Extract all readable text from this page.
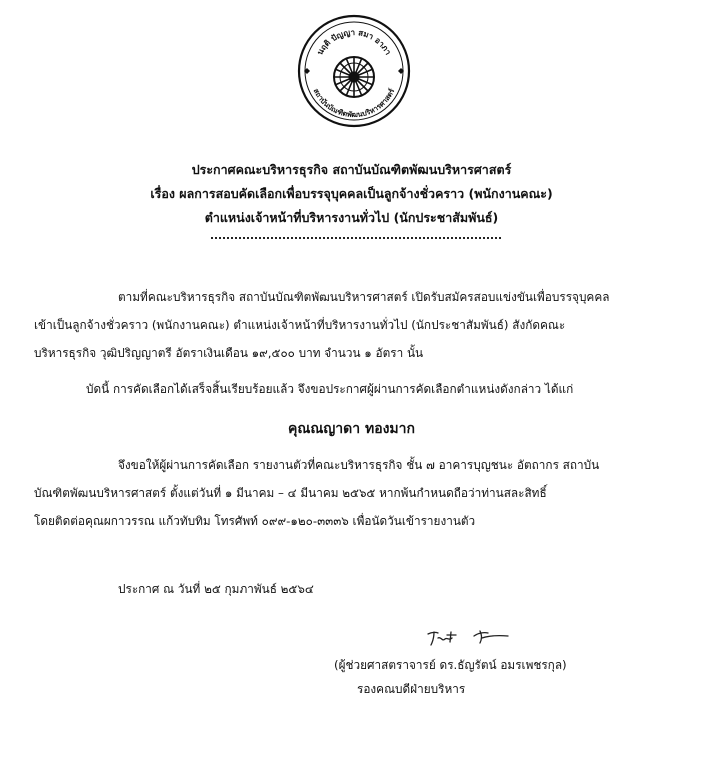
นฤติ ปัญญา สมา อาภา
สถาบันบัณฑิตพัฒนบริหารศาสตร์
ประกาศคณะบริหารธุรกิจ สถาบันบัณฑิตพัฒนบริหารศาสตร์
เรื่อง ผลการสอบคัดเลือกเพื่อบรรจุบุคคลเป็นลูกจ้างชั่วคราว (พนักงานคณะ)
ตำแหน่งเจ้าหน้าที่บริหารงานทั่วไป (นักประชาสัมพันธ์)
ตามที่คณะบริหารธุรกิจ สถาบันบัณฑิตพัฒนบริหารศาสตร์ เปิดรับสมัครสอบแข่งขันเพื่อบรรจุบุคคล
เข้าเป็นลูกจ้างชั่วคราว (พนักงานคณะ) ตำแหน่งเจ้าหน้าที่บริหารงานทั่วไป (นักประชาสัมพันธ์) สังกัดคณะ
บริหารธุรกิจ วุฒิปริญญาตรี อัตราเงินเดือน ๑๙,๕๐๐ บาท จำนวน ๑ อัตรา นั้น
บัดนี้ การคัดเลือกได้เสร็จสิ้นเรียบร้อยแล้ว จึงขอประกาศผู้ผ่านการคัดเลือกตำแหน่งดังกล่าว ได้แก่
คุณณญาดา ทองมาก
จึงขอให้ผู้ผ่านการคัดเลือก รายงานตัวที่คณะบริหารธุรกิจ ชั้น ๗ อาคารบุญชนะ อัตถากร สถาบัน
บัณฑิตพัฒนบริหารศาสตร์ ตั้งแต่วันที่ ๑ มีนาคม – ๔ มีนาคม ๒๕๖๕ หากพ้นกำหนดถือว่าท่านสละสิทธิ์
โดยติดต่อคุณผกาวรรณ แก้วทับทิม โทรศัพท์ ๐๙๙-๑๒๐-๓๓๓๖ เพื่อนัดวันเข้ารายงานตัว
ประกาศ ณ วันที่ ๒๕ กุมภาพันธ์ ๒๕๖๔
(ผู้ช่วยศาสตราจารย์ ดร.ธัญรัตน์ อมรเพชรกุล)
รองคณบดีฝ่ายบริหาร
